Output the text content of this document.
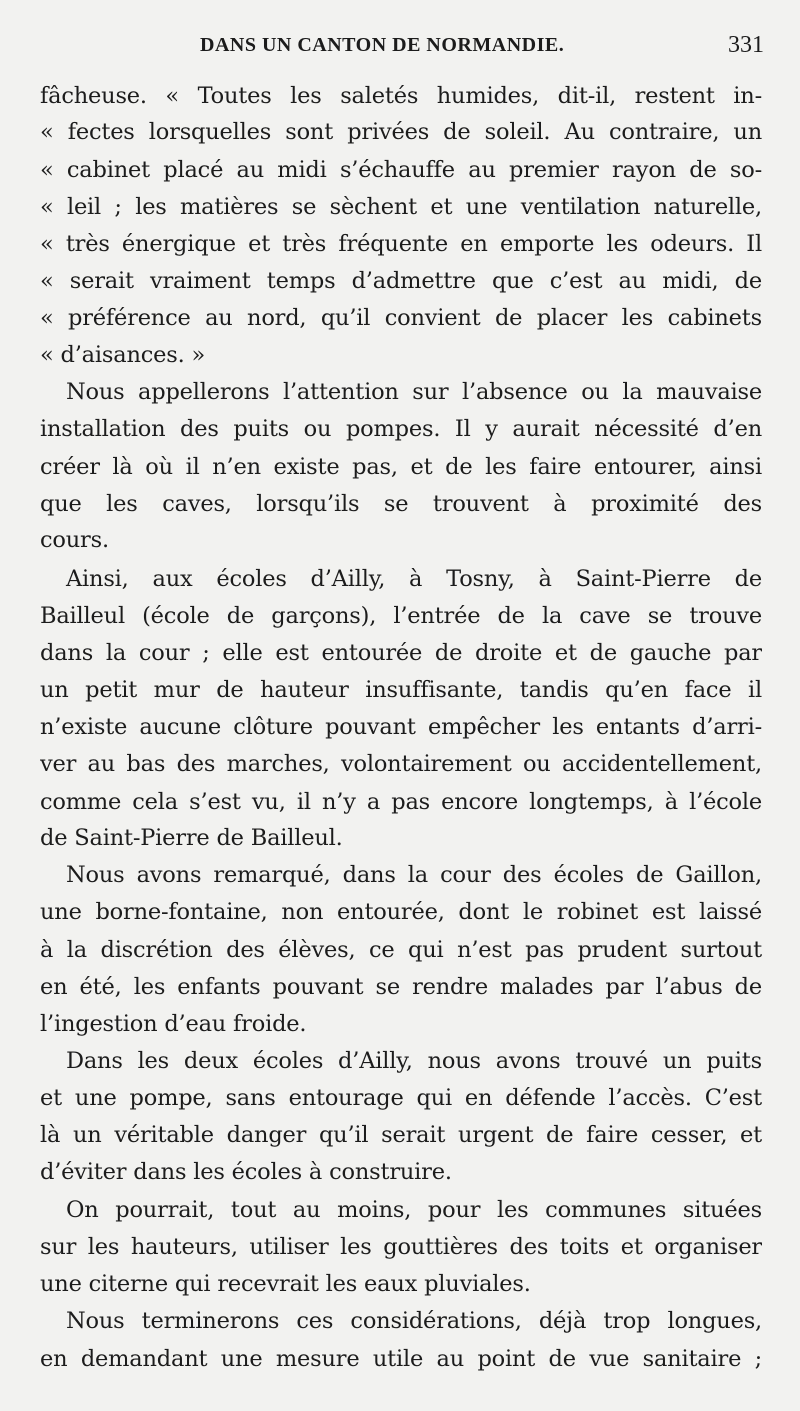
DANS UN CANTON DE NORMANDIE.	331
fâcheuse. « Toutes les saletés humides, dit-il, restent in-
« fectes lorsquelles sont privées de soleil. Au contraire, un
« cabinet placé au midi s’échauffe au premier rayon de so-
« leil ; les matières se sèchent et une ventilation naturelle,
« très énergique et très fréquente en emporte les odeurs. Il
« serait vraiment temps d’admettre que c’est au midi, de
« préférence au nord, qu’il convient de placer les cabinets
« d’aisances. »
Nous appellerons l’attention sur l’absence ou la mauvaise
installation des puits ou pompes. Il y aurait nécessité d’en
créer là où il n’en existe pas, et de les faire entourer, ainsi
que les caves, lorsqu’ils se trouvent à proximité des
cours.
Ainsi, aux écoles d’Ailly, à Tosny, à Saint-Pierre de
Bailleul (école de garçons), l’entrée de la cave se trouve
dans la cour ; elle est entourée de droite et de gauche par
un petit mur de hauteur insuffisante, tandis qu’en face il
n’existe aucune clôture pouvant empêcher les entants d’arri-
ver au bas des marches, volontairement ou accidentellement,
comme cela s’est vu, il n’y a pas encore longtemps, à l’école
de Saint-Pierre de Bailleul.
Nous avons remarqué, dans la cour des écoles de Gaillon,
une borne-fontaine, non entourée, dont le robinet est laissé
à la discrétion des élèves, ce qui n’est pas prudent surtout
en été, les enfants pouvant se rendre malades par l’abus de
l’ingestion d’eau froide.
Dans les deux écoles d’Ailly, nous avons trouvé un puits
et une pompe, sans entourage qui en défende l’accès. C’est
là un véritable danger qu’il serait urgent de faire cesser, et
d’éviter dans les écoles à construire.
On pourrait, tout au moins, pour les communes situées
sur les hauteurs, utiliser les gouttières des toits et organiser
une citerne qui recevrait les eaux pluviales.
Nous terminerons ces considérations, déjà trop longues,
en demandant une mesure utile au point de vue sanitaire ;
